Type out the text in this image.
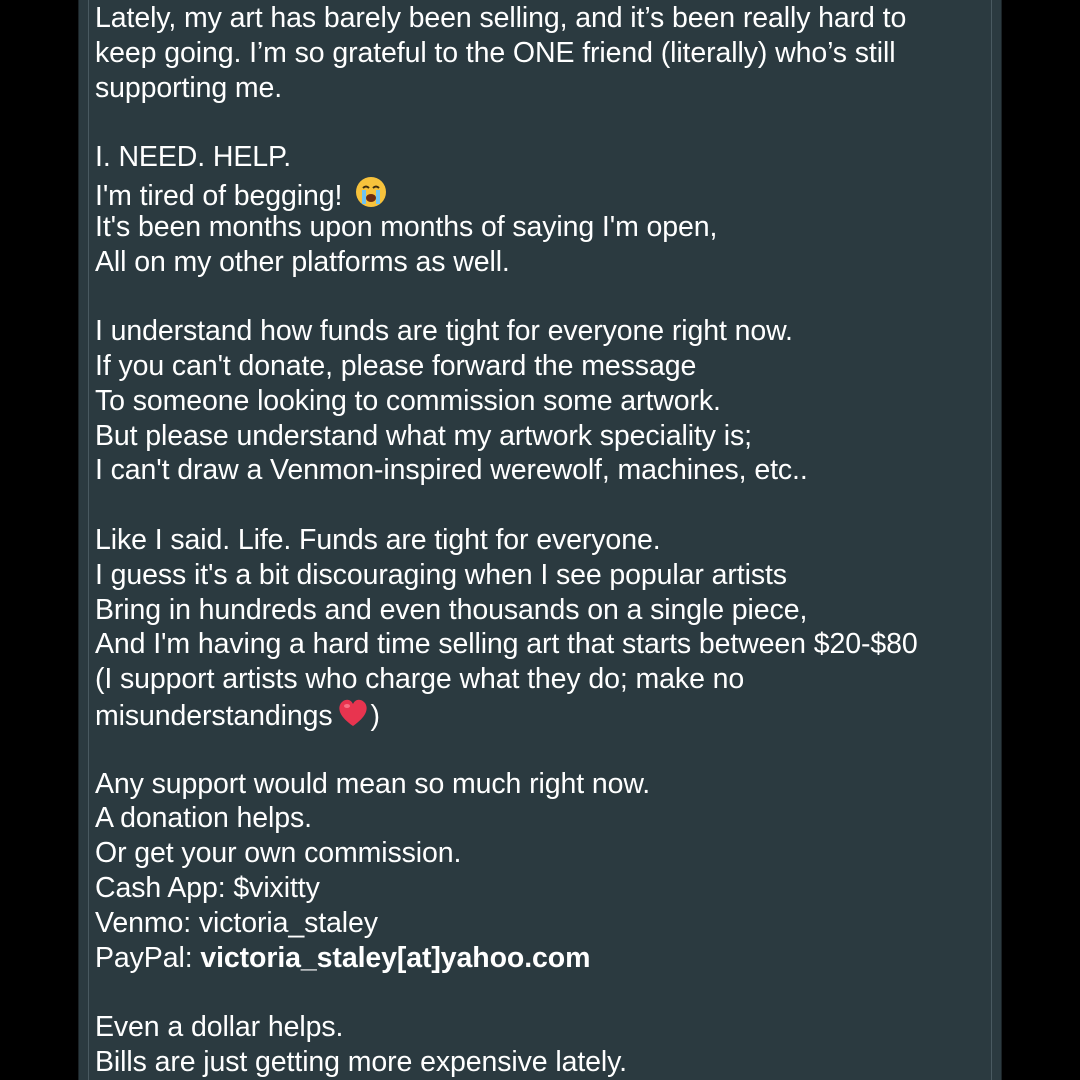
Lately, my art has barely been selling, and it’s been really hard to
keep going. I’m so grateful to the ONE friend (literally) who’s still
supporting me.
I. NEED. HELP.
I'm tired of begging!
It's been months upon months of saying I'm open,
All on my other platforms as well.
I understand how funds are tight for everyone right now.
If you can't donate, please forward the message
To someone looking to commission some artwork.
But please understand what my artwork speciality is;
I can't draw a Venmon-inspired werewolf, machines, etc..
Like I said. Life. Funds are tight for everyone.
I guess it's a bit discouraging when I see popular artists
Bring in hundreds and even thousands on a single piece,
And I'm having a hard time selling art that starts between $20-$80
(I support artists who charge what they do; make no
misunderstandings )
Any support would mean so much right now.
A donation helps.
Or get your own commission.
Cash App: $vixitty
Venmo: victoria_staley
PayPal: victoria_staley[at]yahoo.com
Even a dollar helps.
Bills are just getting more expensive lately.
